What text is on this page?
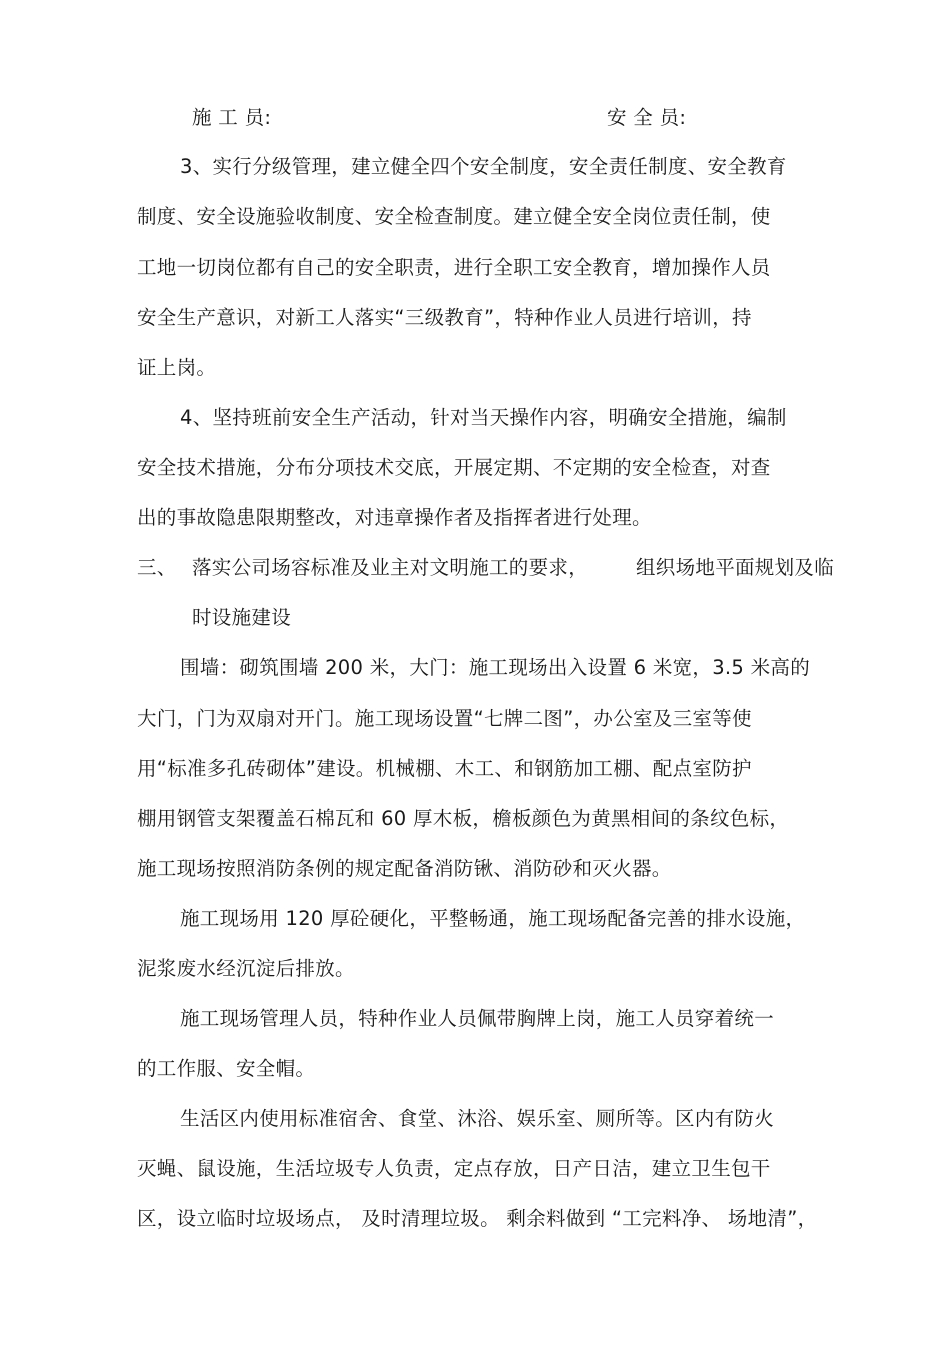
施 工 员:	安 全 员:
3、实行分级管理，建立健全四个安全制度，安全责任制度、安全教育
制度、安全设施验收制度、安全检查制度。建立健全安全岗位责任制，使
工地一切岗位都有自己的安全职责，进行全职工安全教育，增加操作人员
安全生产意识，对新工人落实“三级教育”，特种作业人员进行培训，持
证上岗。
4、坚持班前安全生产活动，针对当天操作内容，明确安全措施，编制
安全技术措施，分布分项技术交底，开展定期、不定期的安全检查，对查
出的事故隐患限期整改，对违章操作者及指挥者进行处理。
三、 落实公司场容标准及业主对文明施工的要求， 组织场地平面规划及临
时设施建设
围墙：砌筑围墙 200 米，大门：施工现场出入设置 6 米宽，3.5 米高的
大门，门为双扇对开门。施工现场设置“七牌二图”，办公室及三室等使
用“标准多孔砖砌体”建设。机械棚、木工、和钢筋加工棚、配点室防护
棚用钢管支架覆盖石棉瓦和 60 厚木板，檐板颜色为黄黑相间的条纹色标，
施工现场按照消防条例的规定配备消防锹、消防砂和灭火器。
施工现场用 120 厚砼硬化，平整畅通，施工现场配备完善的排水设施，
泥浆废水经沉淀后排放。
施工现场管理人员，特种作业人员佩带胸牌上岗，施工人员穿着统一
的工作服、安全帽。
生活区内使用标准宿舍、食堂、沐浴、娱乐室、厕所等。区内有防火
灭蝇、鼠设施，生活垃圾专人负责，定点存放，日产日洁，建立卫生包干
区，设立临时垃圾场点， 及时清理垃圾。 剩余料做到 “工完料净、 场地清”，
